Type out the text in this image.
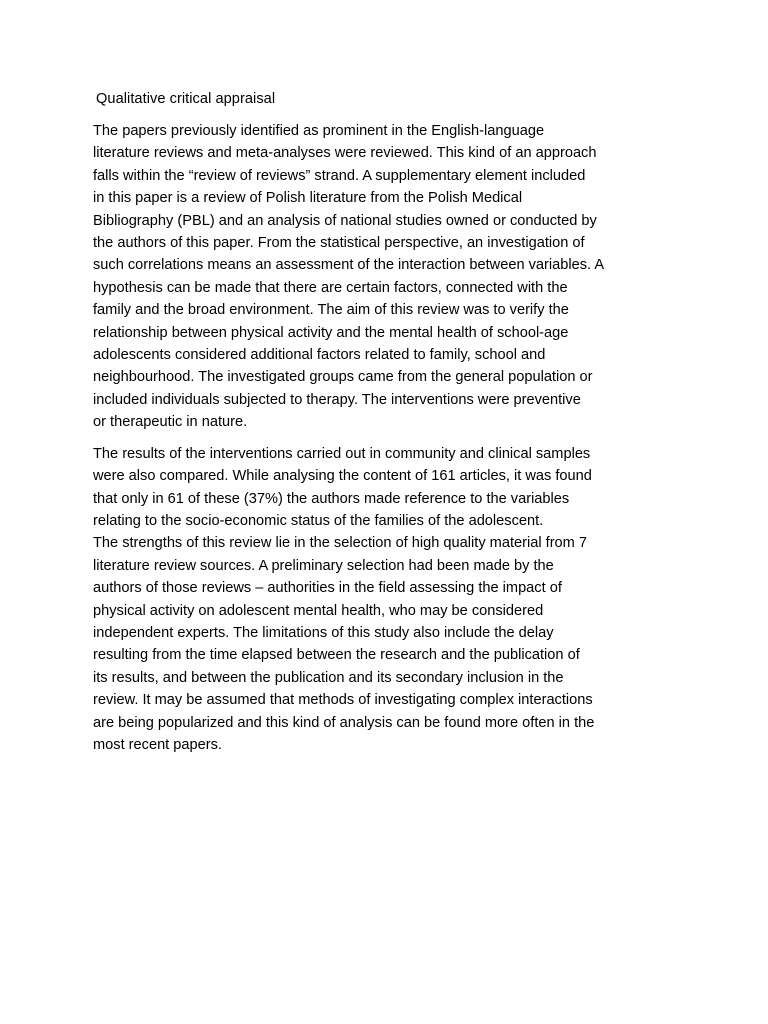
Qualitative critical appraisal

The papers previously identified as prominent in the English-language
literature reviews and meta-analyses were reviewed. This kind of an approach
falls within the “review of reviews” strand. A supplementary element included
in this paper is a review of Polish literature from the Polish Medical
Bibliography (PBL) and an analysis of national studies owned or conducted by
the authors of this paper. From the statistical perspective, an investigation of
such correlations means an assessment of the interaction between variables. A
hypothesis can be made that there are certain factors, connected with the
family and the broad environment. The aim of this review was to verify the
relationship between physical activity and the mental health of school-age
adolescents considered additional factors related to family, school and
neighbourhood. The investigated groups came from the general population or
included individuals subjected to therapy. The interventions were preventive
or therapeutic in nature.

The results of the interventions carried out in community and clinical samples
were also compared. While analysing the content of 161 articles, it was found
that only in 61 of these (37%) the authors made reference to the variables
relating to the socio-economic status of the families of the adolescent.

The strengths of this review lie in the selection of high quality material from 7
literature review sources. A preliminary selection had been made by the
authors of those reviews – authorities in the field assessing the impact of
physical activity on adolescent mental health, who may be considered
independent experts. The limitations of this study also include the delay
resulting from the time elapsed between the research and the publication of
its results, and between the publication and its secondary inclusion in the
review. It may be assumed that methods of investigating complex interactions
are being popularized and this kind of analysis can be found more often in the
most recent papers.
